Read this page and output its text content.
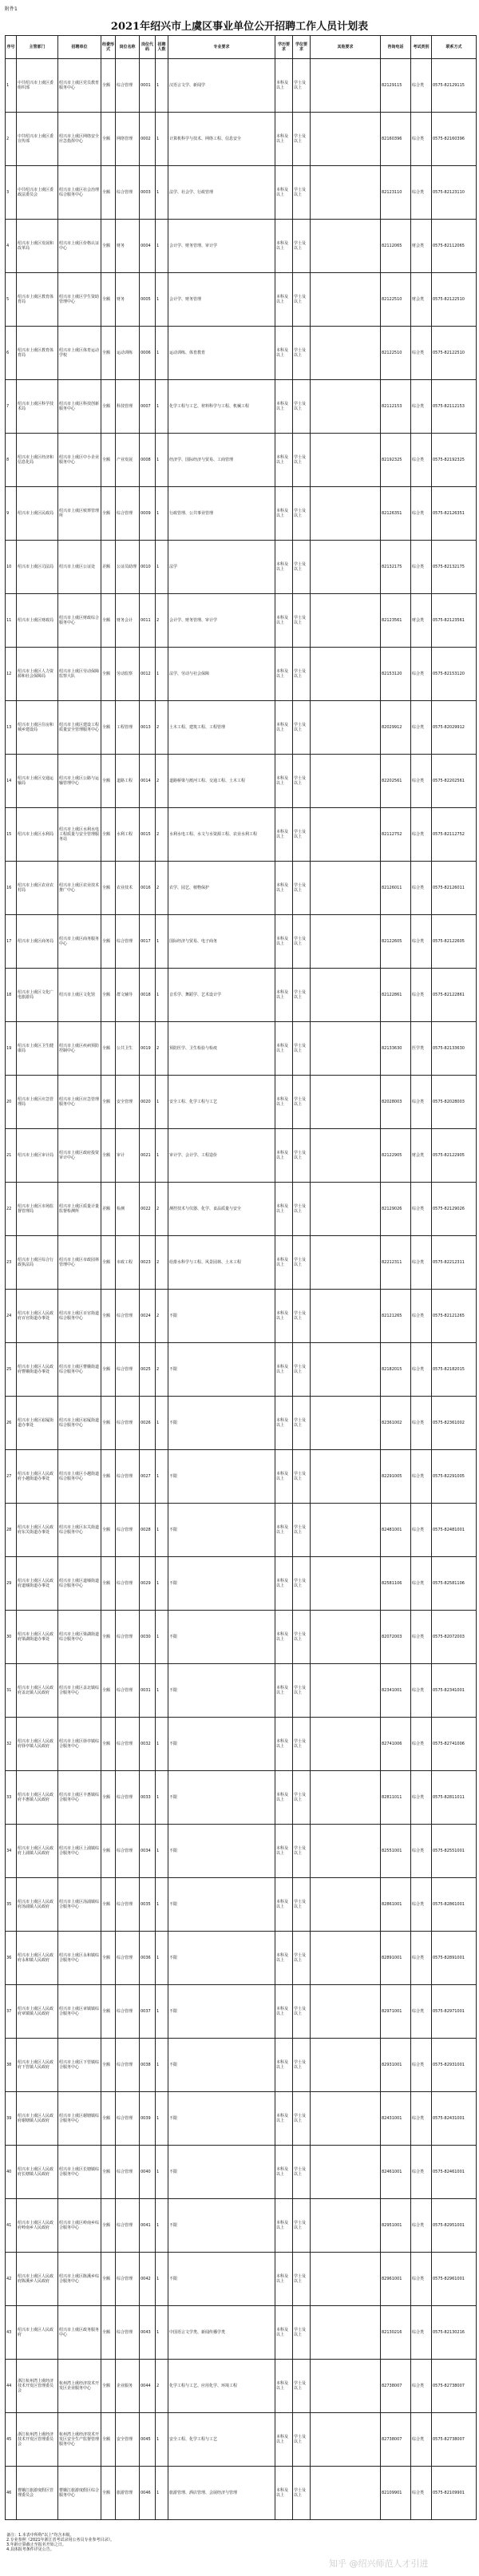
附件1
2021年绍兴市上虞区事业单位公开招聘工作人员计划表
序号	主管部门	招聘单位	经费形式	岗位名称	岗位代码	招聘人数	专业要求	学历要求	学位要求	其他要求	咨询电话	考试类别	联系方式
1	中共绍兴市上虞区委组织部	绍兴市上虞区党员教育服务中心	全额	综合管理	0001	1	汉语言文学、新闻学	本科及以上	学士及以上		82129115	综合类	0575-82129115
2	中共绍兴市上虞区委宣传部	绍兴市上虞区网络安全应急指挥中心	全额	网络管理	0002	1	计算机科学与技术、网络工程、信息安全	本科及以上	学士及以上		82160396	综合类	0575-82160396
3	中共绍兴市上虞区委政法委员会	绍兴市上虞区社会治理综合服务中心	全额	综合管理	0003	1	法学、社会学、行政管理	本科及以上	学士及以上		82123110	综合类	0575-82123110
4	绍兴市上虞区发展和改革局	绍兴市上虞区价格认证中心	全额	财务	0004	1	会计学、财务管理、审计学	本科及以上	学士及以上		82112065	财会类	0575-82112065
5	绍兴市上虞区教育体育局	绍兴市上虞区学生资助管理中心	全额	财务	0005	1	会计学、财务管理	本科及以上	学士及以上		82122510	财会类	0575-82122510
6	绍兴市上虞区教育体育局	绍兴市上虞区体育运动学校	全额	运动训练	0006	1	运动训练、体育教育	本科及以上	学士及以上		82122510	综合类	0575-82122510
7	绍兴市上虞区科学技术局	绍兴市上虞区科技创新服务中心	全额	科技管理	0007	1	化学工程与工艺、材料科学与工程、机械工程	本科及以上	学士及以上		82112153	综合类	0575-82112153
8	绍兴市上虞区经济和信息化局	绍兴市上虞区中小企业服务中心	全额	产业发展	0008	1	经济学、国际经济与贸易、工商管理	本科及以上	学士及以上		82192325	综合类	0575-82192325
9	绍兴市上虞区民政局	绍兴市上虞区殡葬管理所	全额	综合管理	0009	1	行政管理、公共事业管理	本科及以上	学士及以上		82126351	综合类	0575-82126351
10	绍兴市上虞区司法局	绍兴市上虞区公证处	差额	公证员助理	0010	1	法学	本科及以上	学士及以上		82132175	综合类	0575-82132175
11	绍兴市上虞区财政局	绍兴市上虞区财政综合服务中心	全额	财务会计	0011	2	会计学、财务管理、审计学	本科及以上	学士及以上		82123561	财会类	0575-82123561
12	绍兴市上虞区人力资源和社会保障局	绍兴市上虞区劳动保障监察大队	全额	劳动监察	0012	1	法学、劳动与社会保障	本科及以上	学士及以上		82153120	综合类	0575-82153120
13	绍兴市上虞区住房和城乡建设局	绍兴市上虞区建设工程质量安全管理服务中心	全额	工程管理	0013	2	土木工程、建筑工程、工程管理	本科及以上	学士及以上		82029912	综合类	0575-82029912
14	绍兴市上虞区交通运输局	绍兴市上虞区公路与运输管理中心	全额	道路工程	0014	2	道路桥梁与渡河工程、交通工程、土木工程	本科及以上	学士及以上		82202561	综合类	0575-82202561
15	绍兴市上虞区水利局	绍兴市上虞区水利水电工程质量与安全管理服务站	全额	水利工程	0015	2	水利水电工程、水文与水资源工程、农业水利工程	本科及以上	学士及以上		82112752	综合类	0575-82112752
16	绍兴市上虞区农业农村局	绍兴市上虞区农业技术推广中心	全额	农业技术	0016	2	农学、园艺、植物保护	本科及以上	学士及以上		82126011	综合类	0575-82126011
17	绍兴市上虞区商务局	绍兴市上虞区商务服务中心	全额	综合管理	0017	1	国际经济与贸易、电子商务	本科及以上	学士及以上		82122605	综合类	0575-82122605
18	绍兴市上虞区文化广电旅游局	绍兴市上虞区文化馆	全额	群文辅导	0018	1	音乐学、舞蹈学、艺术设计学	本科及以上	学士及以上		82122861	综合类	0575-82122861
19	绍兴市上虞区卫生健康局	绍兴市上虞区疾病预防控制中心	全额	公共卫生	0019	2	预防医学、卫生检验与检疫	本科及以上	学士及以上		82133630	医学类	0575-82133630
20	绍兴市上虞区应急管理局	绍兴市上虞区应急管理服务中心	全额	安全管理	0020	1	安全工程、化学工程与工艺	本科及以上	学士及以上		82028003	综合类	0575-82028003
21	绍兴市上虞区审计局	绍兴市上虞区政府投资审计中心	全额	审计	0021	1	审计学、会计学、工程造价	本科及以上	学士及以上		82122905	财会类	0575-82122905
22	绍兴市上虞区市场监督管理局	绍兴市上虞区质量计量监督检测所	差额	检测	0022	2	测控技术与仪器、化学、食品质量与安全	本科及以上	学士及以上		82129026	综合类	0575-82129026
23	绍兴市上虞区综合行政执法局	绍兴市上虞区市政园林管理中心	全额	市政工程	0023	2	给排水科学与工程、风景园林、土木工程	本科及以上	学士及以上		82212311	综合类	0575-82212311
24	绍兴市上虞区人民政府百官街道办事处	绍兴市上虞区百官街道综合服务中心	全额	综合管理	0024	2	不限	本科及以上	学士及以上		82121265	综合类	0575-82121265
25	绍兴市上虞区人民政府曹娥街道办事处	绍兴市上虞区曹娥街道综合服务中心	全额	综合管理	0025	2	不限	本科及以上	学士及以上		82182015	综合类	0575-82182015
26	绍兴市上虞区崧厦街道办事处	绍兴市上虞区崧厦街道综合服务中心	全额	综合管理	0026	1	不限	本科及以上	学士及以上		82361002	综合类	0575-82361002
27	绍兴市上虞区人民政府小越街道办事处	绍兴市上虞区小越街道综合服务中心	全额	综合管理	0027	1	不限	本科及以上	学士及以上		82291005	综合类	0575-82291005
28	绍兴市上虞区人民政府东关街道办事处	绍兴市上虞区东关街道综合服务中心	全额	综合管理	0028	1	不限	本科及以上	学士及以上		82481001	综合类	0575-82481001
29	绍兴市上虞区人民政府道墟街道办事处	绍兴市上虞区道墟街道综合服务中心	全额	综合管理	0029	1	不限	本科及以上	学士及以上		82581106	综合类	0575-82581106
30	绍兴市上虞区人民政府梁湖街道办事处	绍兴市上虞区梁湖街道综合服务中心	全额	综合管理	0030	1	不限	本科及以上	学士及以上		82072003	综合类	0575-82072003
31	绍兴市上虞区人民政府盖北镇人民政府	绍兴市上虞区盖北镇综合服务中心	全额	综合管理	0031	1	不限	本科及以上	学士及以上		82341001	综合类	0575-82341001
32	绍兴市上虞区人民政府驿亭镇人民政府	绍兴市上虞区驿亭镇综合服务中心	全额	综合管理	0032	1	不限	本科及以上	学士及以上		82741006	综合类	0575-82741006
33	绍兴市上虞区人民政府丰惠镇人民政府	绍兴市上虞区丰惠镇综合服务中心	全额	综合管理	0033	1	不限	本科及以上	学士及以上		82811011	综合类	0575-82811011
34	绍兴市上虞区人民政府上浦镇人民政府	绍兴市上虞区上浦镇综合服务中心	全额	综合管理	0034	1	不限	本科及以上	学士及以上		82551001	综合类	0575-82551001
35	绍兴市上虞区人民政府汤浦镇人民政府	绍兴市上虞区汤浦镇综合服务中心	全额	综合管理	0035	1	不限	本科及以上	学士及以上		82861001	综合类	0575-82861001
36	绍兴市上虞区人民政府永和镇人民政府	绍兴市上虞区永和镇综合服务中心	全额	综合管理	0036	1	不限	本科及以上	学士及以上		82891001	综合类	0575-82891001
37	绍兴市上虞区人民政府章镇镇人民政府	绍兴市上虞区章镇镇综合服务中心	全额	综合管理	0037	1	不限	本科及以上	学士及以上		82971001	综合类	0575-82971001
38	绍兴市上虞区人民政府下管镇人民政府	绍兴市上虞区下管镇综合服务中心	全额	综合管理	0038	1	不限	本科及以上	学士及以上		82931001	综合类	0575-82931001
39	绍兴市上虞区人民政府谢塘镇人民政府	绍兴市上虞区谢塘镇综合服务中心	全额	综合管理	0039	1	不限	本科及以上	学士及以上		82431001	综合类	0575-82431001
40	绍兴市上虞区人民政府长塘镇人民政府	绍兴市上虞区长塘镇综合服务中心	全额	综合管理	0040	1	不限	本科及以上	学士及以上		82461001	综合类	0575-82461001
41	绍兴市上虞区人民政府岭南乡人民政府	绍兴市上虞区岭南乡综合服务中心	全额	综合管理	0041	1	不限	本科及以上	学士及以上		82951001	综合类	0575-82951001
42	绍兴市上虞区人民政府陈溪乡人民政府	绍兴市上虞区陈溪乡综合服务中心	全额	综合管理	0042	1	不限	本科及以上	学士及以上		82961001	综合类	0575-82961001
43	绍兴市上虞区人民政府	绍兴市上虞区政务服务中心	全额	综合管理	0043	1	中国语言文学类、新闻传播学类	本科及以上	学士及以上		82130216	综合类	0575-82130216
44	浙江杭州湾上虞经济技术开发区管理委员会	杭州湾上虞经济技术开发区企业服务中心	全额	企业服务	0044	2	化学工程与工艺、应用化学、环境工程	本科及以上	学士及以上		82738007	综合类	0575-82738007
45	浙江杭州湾上虞经济技术开发区管理委员会	杭州湾上虞经济技术开发区安全生产监督管理服务中心	全额	安全管理	0045	1	安全工程、化学工程与工艺	本科及以上	学士及以上		82738007	综合类	0575-82738007
46	曹娥江旅游度假区管理委员会	曹娥江旅游度假区综合服务中心	全额	旅游管理	0046	1	旅游管理、酒店管理、会展经济与管理	本科及以上	学士及以上		82109901	综合类	0575-82109901
备注：1.本表中所称"以上"均含本级。
2.专业参照《2021年浙江省考试录用公务员专业参考目录》。
3.年龄计算截止至报名开始之日。
4.具体报考条件详见公告。
知乎 @绍兴师范人才引进
